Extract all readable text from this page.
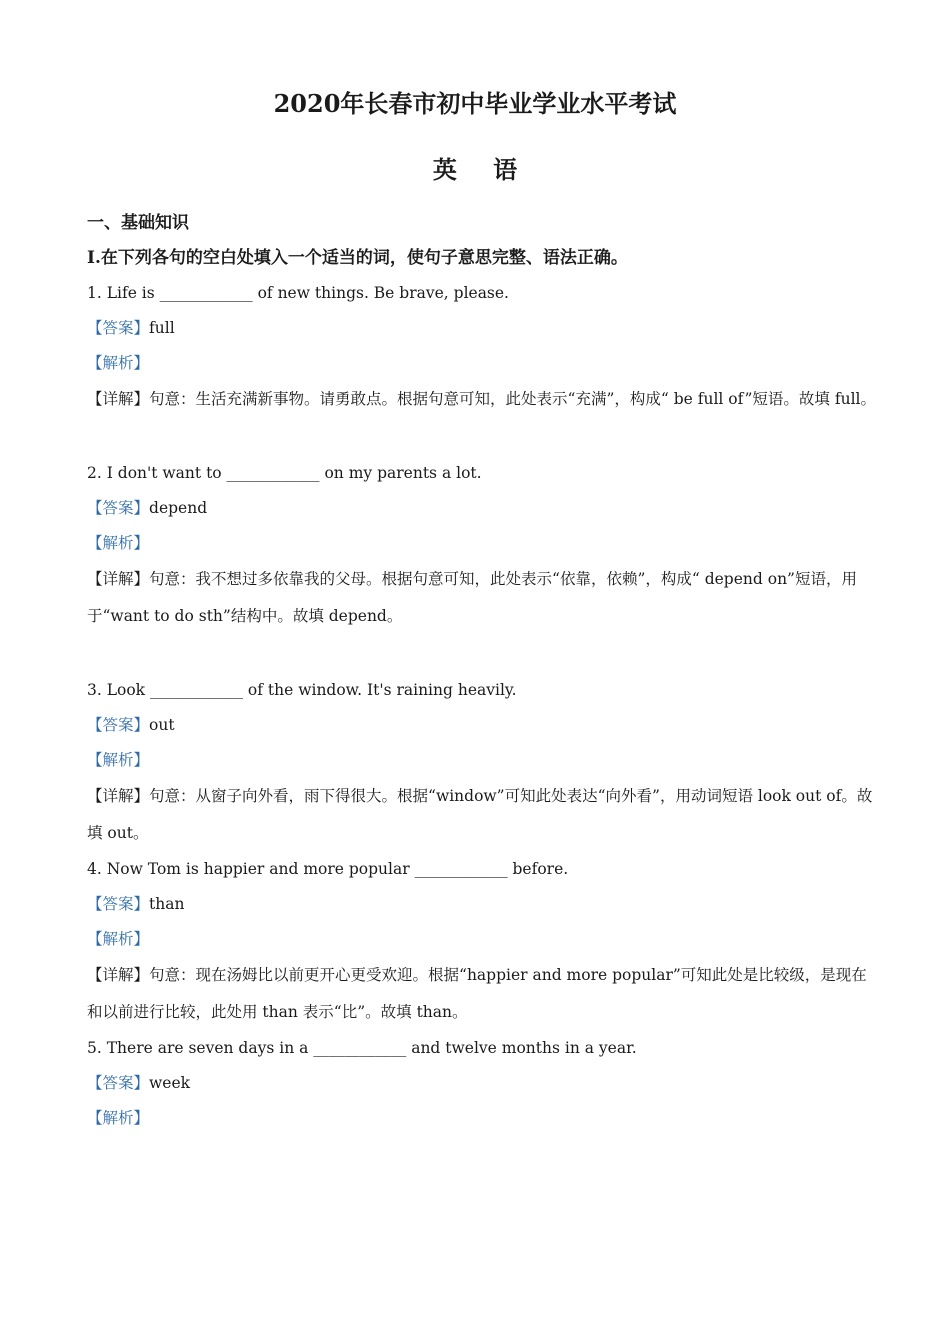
2020年长春市初中毕业学业水平考试
英 语
一、基础知识
I.在下列各句的空白处填入一个适当的词，使句子意思完整、语法正确。
1. Life is ____________ of new things. Be brave, please.
【答案】full
【解析】
【详解】句意：生活充满新事物。请勇敢点。根据句意可知，此处表示“充满”，构成“ be full of”短语。故填 full。
2. I don't want to ____________ on my parents a lot.
【答案】depend
【解析】
【详解】句意：我不想过多依靠我的父母。根据句意可知，此处表示“依靠，依赖”，构成“ depend on”短语，用于“want to do sth”结构中。故填 depend。
3. Look ____________ of the window. It's raining heavily.
【答案】out
【解析】
【详解】句意：从窗子向外看，雨下得很大。根据“window”可知此处表达“向外看”，用动词短语 look out of。故填 out。
4. Now Tom is happier and more popular ____________ before.
【答案】than
【解析】
【详解】句意：现在汤姆比以前更开心更受欢迎。根据“happier and more popular”可知此处是比较级，是现在和以前进行比较，此处用 than 表示“比”。故填 than。
5. There are seven days in a ____________ and twelve months in a year.
【答案】week
【解析】
